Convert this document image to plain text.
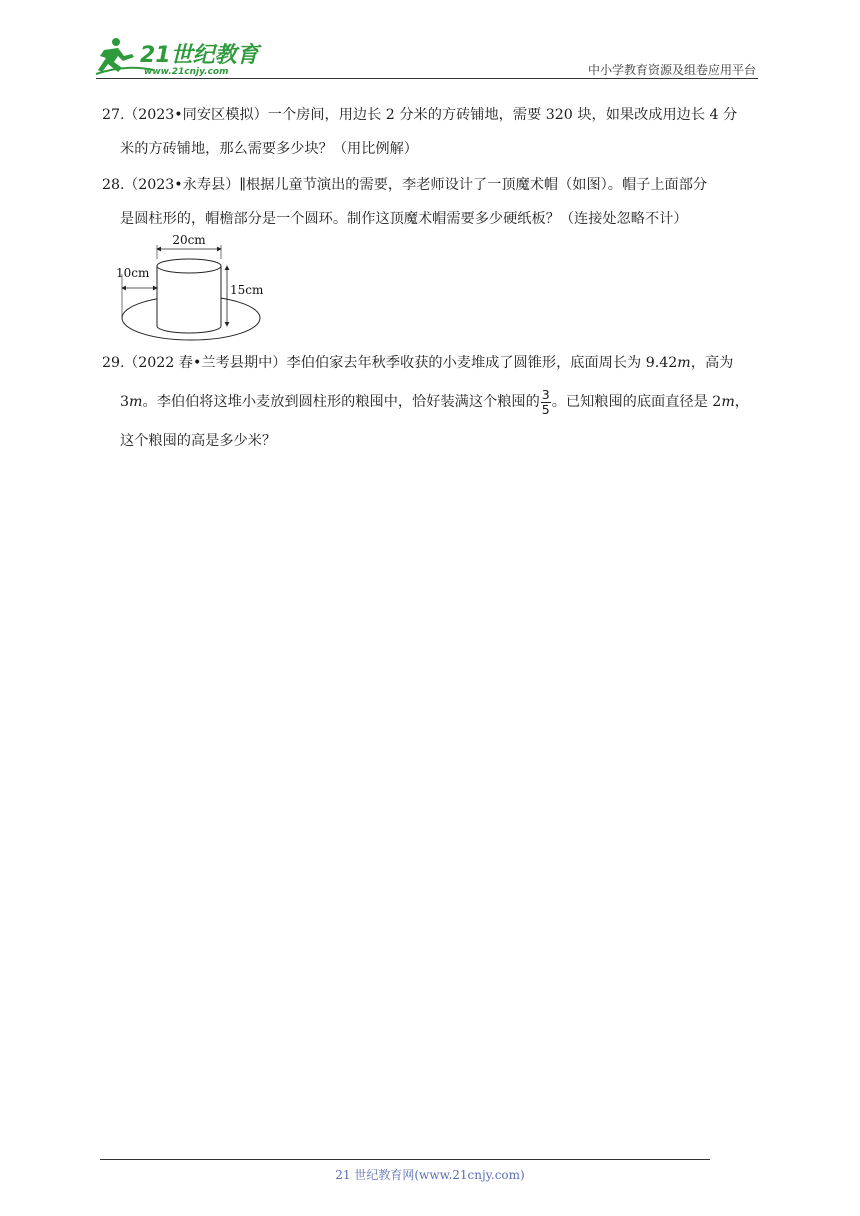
21世纪教育
www.21cnjy.com	中小学教育资源及组卷应用平台
27.（2023•同安区模拟）一个房间，用边长 2 分米的方砖铺地，需要 320 块，如果改成用边长 4 分
米的方砖铺地，那么需要多少块？（用比例解）
28.（2023•永寿县）∥根据儿童节演出的需要，李老师设计了一顶魔术帽（如图）。帽子上面部分
是圆柱形的，帽檐部分是一个圆环。制作这顶魔术帽需要多少硬纸板？（连接处忽略不计）
20cm
10cm
15cm
29.（2022 春•兰考县期中）李伯伯家去年秋季收获的小麦堆成了圆锥形，底面周长为 9.42m，高为
3m。李伯伯将这堆小麦放到圆柱形的粮囤中，恰好装满这个粮囤的 $\frac{3}{5}$ 。已知粮囤的底面直径是 2m，
这个粮囤的高是多少米？
21 世纪教育网(www.21cnjy.com)
